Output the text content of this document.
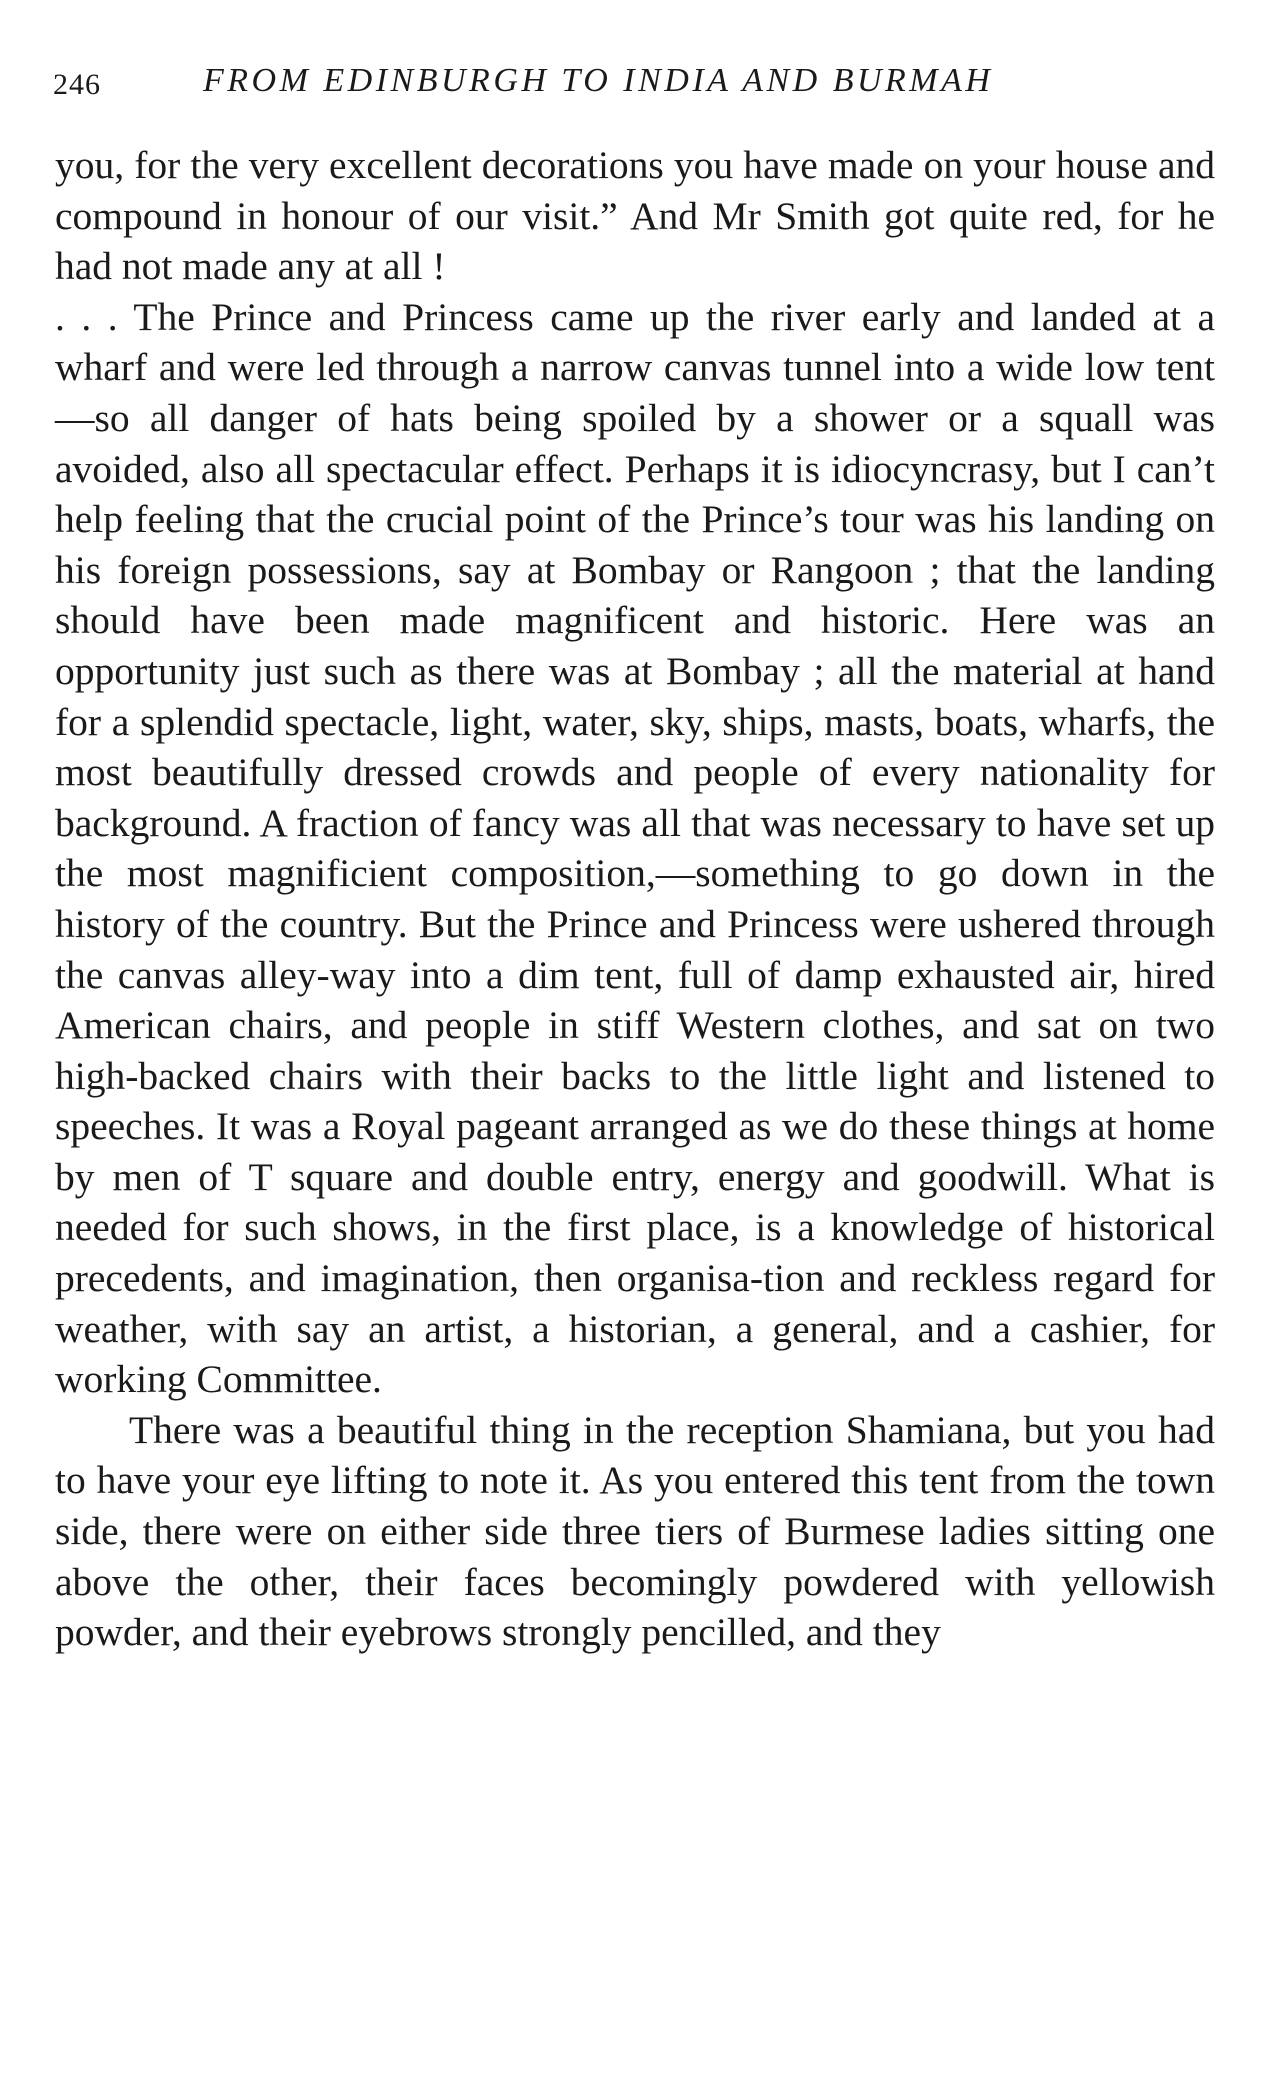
246	FROM EDINBURGH TO INDIA AND BURMAH

you, for the very excellent decorations you have made on your house and compound in honour of our visit.” And Mr Smith got quite red, for he had not made any at all !

. . . The Prince and Princess came up the river early and landed at a wharf and were led through a narrow canvas tunnel into a wide low tent—so all danger of hats being spoiled by a shower or a squall was avoided, also all spectacular effect. Perhaps it is idiocyncrasy, but I can’t help feeling that the crucial point of the Prince’s tour was his landing on his foreign possessions, say at Bombay or Rangoon ; that the landing should have been made magnificent and historic. Here was an opportunity just such as there was at Bombay ; all the material at hand for a splendid spectacle, light, water, sky, ships, masts, boats, wharfs, the most beautifully dressed crowds and people of every nationality for background. A fraction of fancy was all that was necessary to have set up the most magnificient composition,—something to go down in the history of the country. But the Prince and Princess were ushered through the canvas alley-way into a dim tent, full of damp exhausted air, hired American chairs, and people in stiff Western clothes, and sat on two high-backed chairs with their backs to the little light and listened to speeches. It was a Royal pageant arranged as we do these things at home by men of T square and double entry, energy and goodwill. What is needed for such shows, in the first place, is a knowledge of historical precedents, and imagination, then organisa-tion and reckless regard for weather, with say an artist, a historian, a general, and a cashier, for working Committee.

There was a beautiful thing in the reception Shamiana, but you had to have your eye lifting to note it. As you entered this tent from the town side, there were on either side three tiers of Burmese ladies sitting one above the other, their faces becomingly powdered with yellowish powder, and their eyebrows strongly pencilled, and they
